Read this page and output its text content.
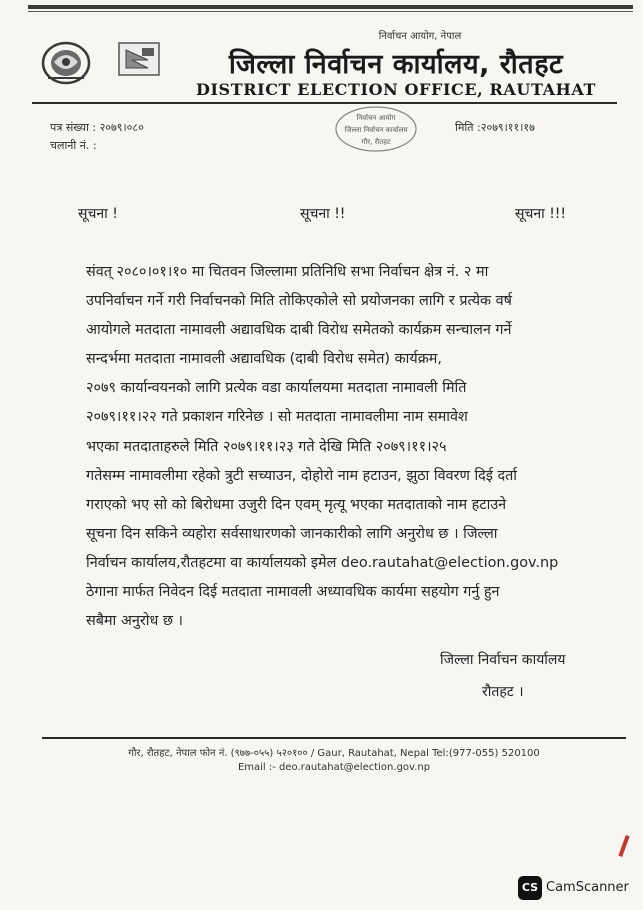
निर्वाचन आयोग, नेपाल
जिल्ला निर्वाचन कार्यालय, रौतहट
DISTRICT ELECTION OFFICE, RAUTAHAT
निर्वाचन आयोग
जिल्ला निर्वाचन कार्यालय
गौर, रौतहट
पत्र संख्या : २०७९।०८०
चलानी नं. :
मिति :२०७९।११।१७
सूचना !	सूचना !!	सूचना !!!
संवत् २०८०।०१।१० मा चितवन जिल्लामा प्रतिनिधि सभा निर्वाचन क्षेत्र नं. २ मा
उपनिर्वाचन गर्ने गरी निर्वाचनको मिति तोकिएकोले सो प्रयोजनका लागि र प्रत्येक वर्ष
आयोगले मतदाता नामावली अद्यावधिक दाबी विरोध समेतको कार्यक्रम सन्चालन गर्ने
सन्दर्भमा मतदाता नामावली अद्यावधिक (दाबी विरोध समेत) कार्यक्रम,
२०७९ कार्यान्वयनको लागि प्रत्येक वडा कार्यालयमा मतदाता नामावली मिति
२०७९।११।२२ गते प्रकाशन गरिनेछ । सो मतदाता नामावलीमा नाम समावेश
भएका मतदाताहरुले मिति २०७९।११।२३ गते देखि मिति २०७९।११।२५
गतेसम्म नामावलीमा रहेको त्रुटी सच्याउन, दोहोरो नाम हटाउन, झुठा विवरण दिई दर्ता
गराएको भए सो को बिरोधमा उजुरी दिन एवम् मृत्यू भएका मतदाताको नाम हटाउने
सूचना दिन सकिने व्यहोरा सर्वसाधारणको जानकारीको लागि अनुरोध छ । जिल्ला
निर्वाचन कार्यालय,रौतहटमा वा कार्यालयको इमेल deo.rautahat@election.gov.np
ठेगाना मार्फत निवेदन दिई मतदाता नामावली अध्यावधिक कार्यमा सहयोग गर्नु हुन
सबैमा अनुरोध छ ।
जिल्ला निर्वाचन कार्यालय
रौतहट ।
गौर, रौतहट, नेपाल फोन नं. (९७७-०५५) ५२०१०० / Gaur, Rautahat, Nepal Tel:(977-055) 520100
Email :- deo.rautahat@election.gov.np
CS CamScanner
